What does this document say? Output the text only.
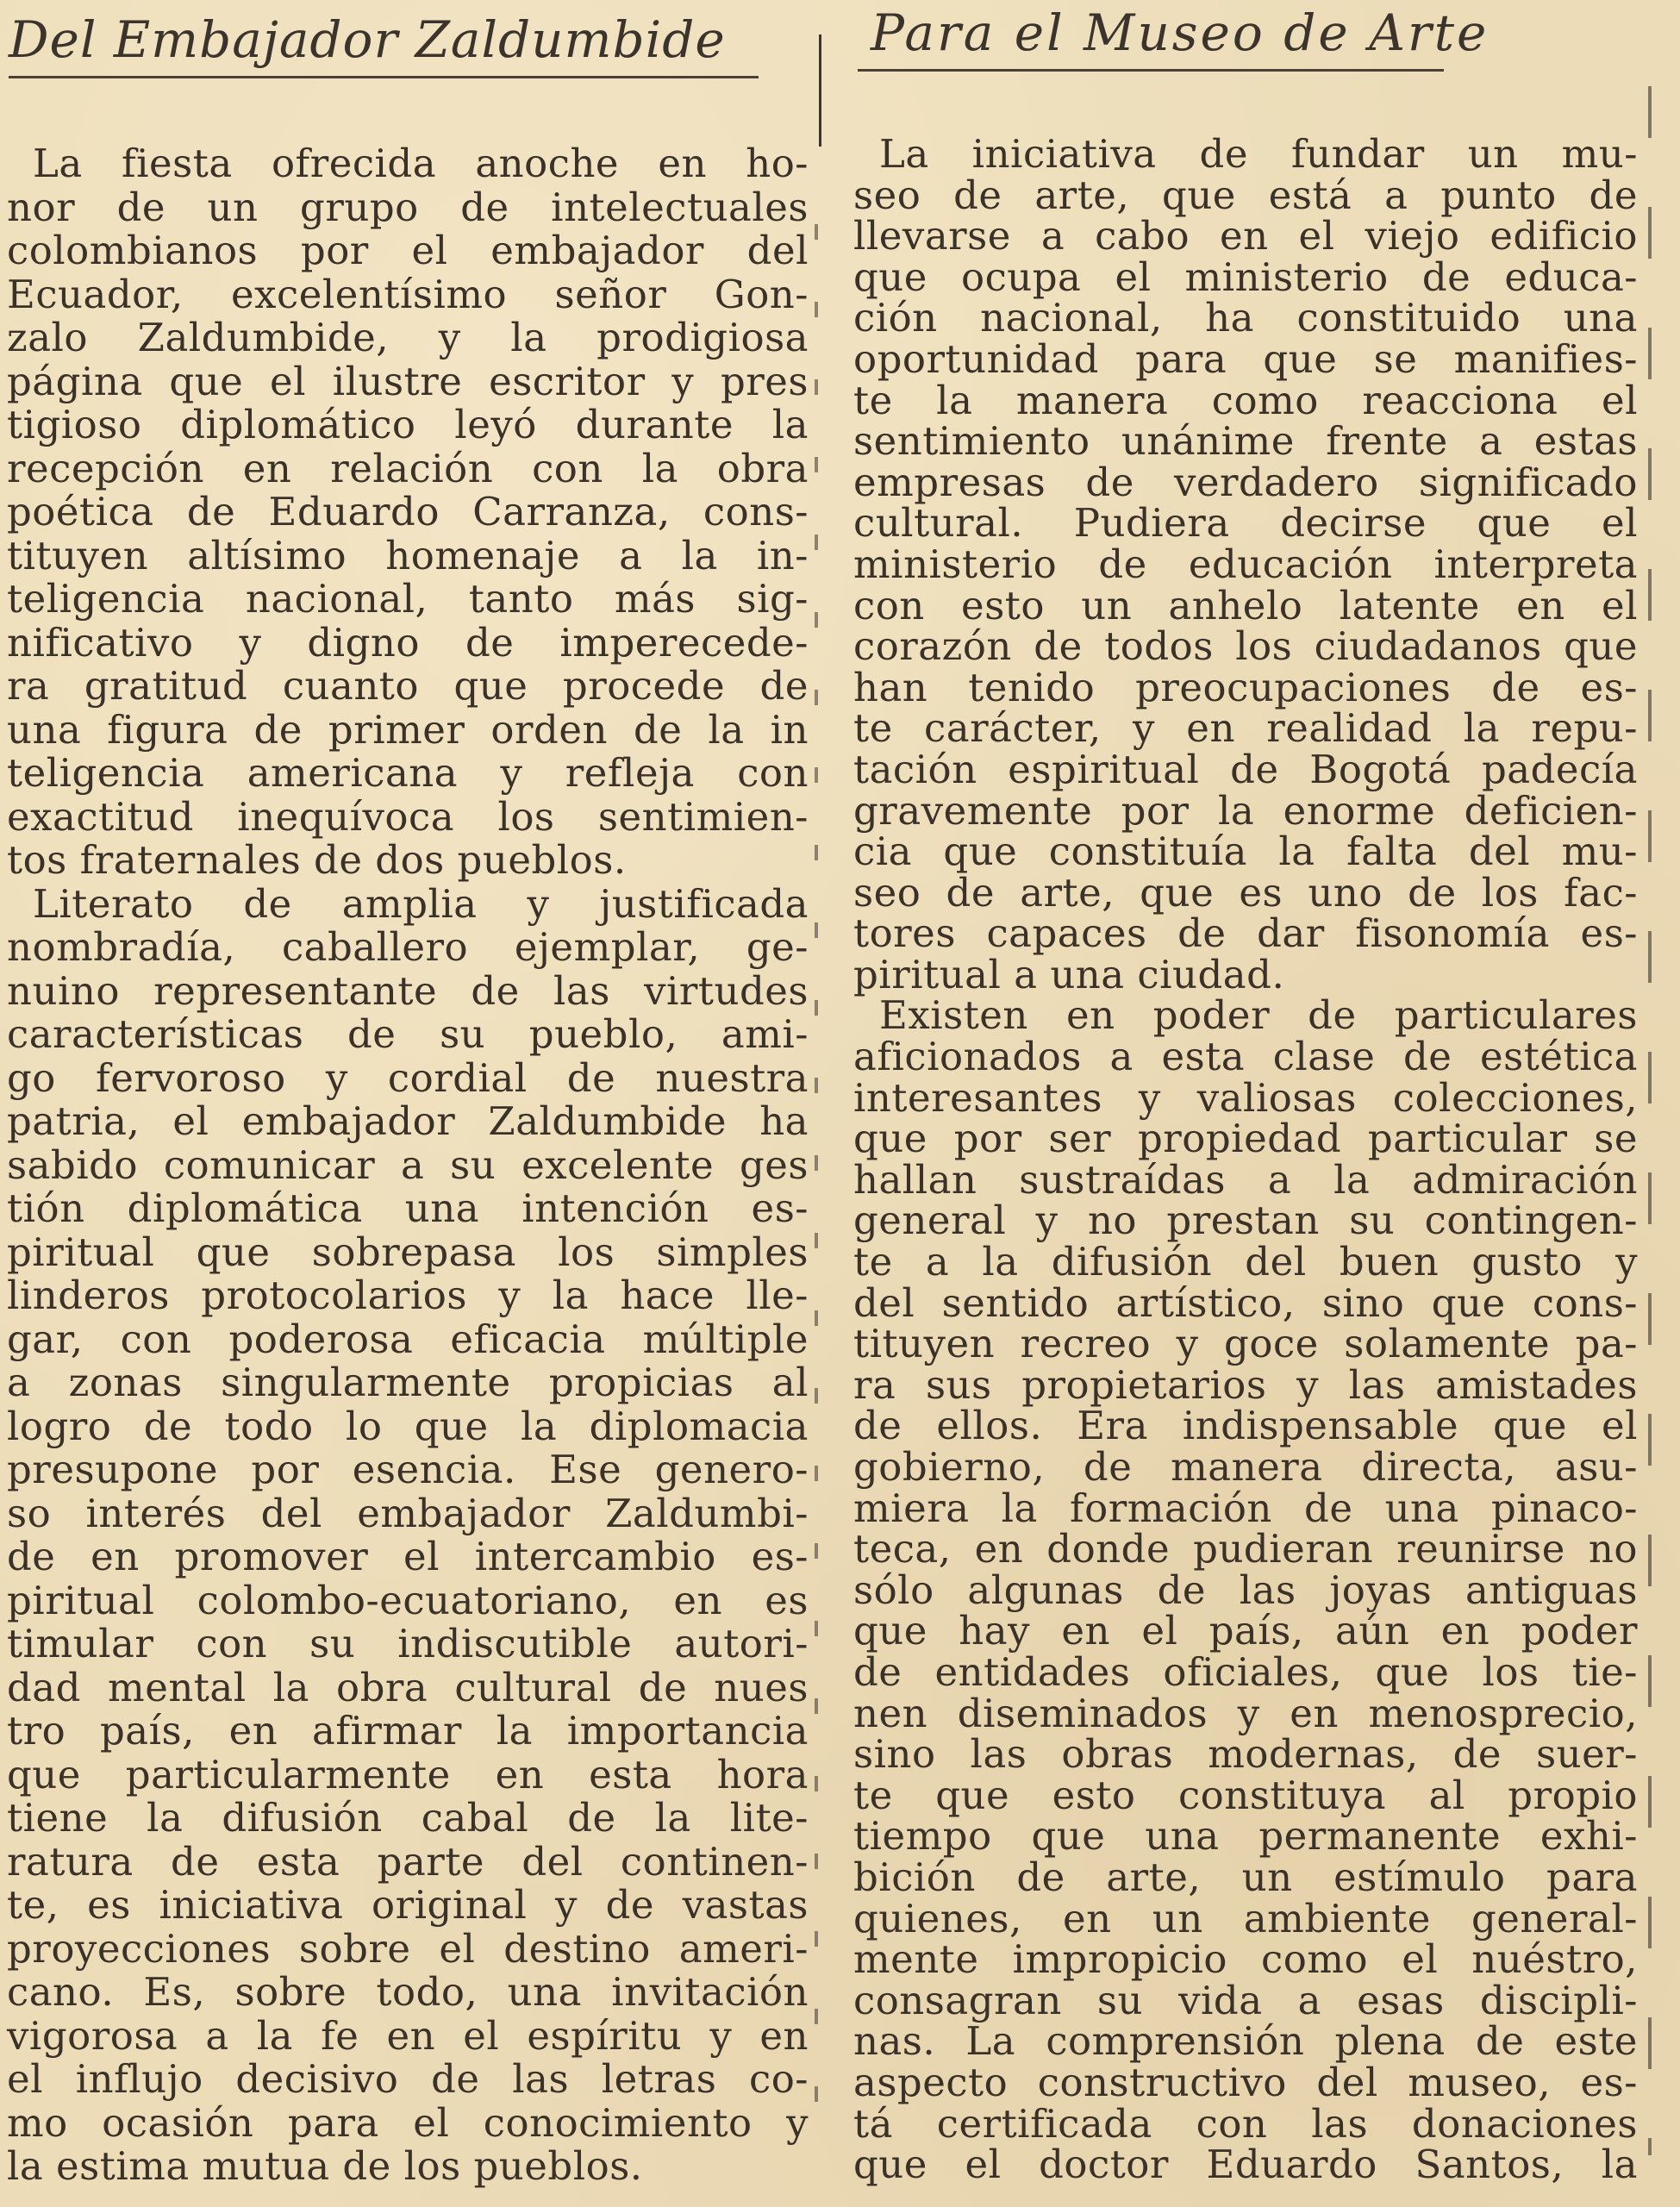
Del Embajador Zaldumbide
La fiesta ofrecida anoche en ho-
nor de un grupo de intelectuales
colombianos por el embajador del
Ecuador, excelentísimo señor Gon-
zalo Zaldumbide, y la prodigiosa
página que el ilustre escritor y pres
tigioso diplomático leyó durante la
recepción en relación con la obra
poética de Eduardo Carranza, cons-
tituyen altísimo homenaje a la in-
teligencia nacional, tanto más sig-
nificativo y digno de imperecede-
ra gratitud cuanto que procede de
una figura de primer orden de la in
teligencia americana y refleja con
exactitud inequívoca los sentimien-
tos fraternales de dos pueblos.
Literato de amplia y justificada
nombradía, caballero ejemplar, ge-
nuino representante de las virtudes
características de su pueblo, ami-
go fervoroso y cordial de nuestra
patria, el embajador Zaldumbide ha
sabido comunicar a su excelente ges
tión diplomática una intención es-
piritual que sobrepasa los simples
linderos protocolarios y la hace lle-
gar, con poderosa eficacia múltiple
a zonas singularmente propicias al
logro de todo lo que la diplomacia
presupone por esencia. Ese genero-
so interés del embajador Zaldumbi-
de en promover el intercambio es-
piritual colombo-ecuatoriano, en es
timular con su indiscutible autori-
dad mental la obra cultural de nues
tro país, en afirmar la importancia
que particularmente en esta hora
tiene la difusión cabal de la lite-
ratura de esta parte del continen-
te, es iniciativa original y de vastas
proyecciones sobre el destino ameri-
cano. Es, sobre todo, una invitación
vigorosa a la fe en el espíritu y en
el influjo decisivo de las letras co-
mo ocasión para el conocimiento y
la estima mutua de los pueblos.
Para el Museo de Arte
La iniciativa de fundar un mu-
seo de arte, que está a punto de
llevarse a cabo en el viejo edificio
que ocupa el ministerio de educa-
ción nacional, ha constituido una
oportunidad para que se manifies-
te la manera como reacciona el
sentimiento unánime frente a estas
empresas de verdadero significado
cultural. Pudiera decirse que el
ministerio de educación interpreta
con esto un anhelo latente en el
corazón de todos los ciudadanos que
han tenido preocupaciones de es-
te carácter, y en realidad la repu-
tación espiritual de Bogotá padecía
gravemente por la enorme deficien-
cia que constituía la falta del mu-
seo de arte, que es uno de los fac-
tores capaces de dar fisonomía es-
piritual a una ciudad.
Existen en poder de particulares
aficionados a esta clase de estética
interesantes y valiosas colecciones,
que por ser propiedad particular se
hallan sustraídas a la admiración
general y no prestan su contingen-
te a la difusión del buen gusto y
del sentido artístico, sino que cons-
tituyen recreo y goce solamente pa-
ra sus propietarios y las amistades
de ellos. Era indispensable que el
gobierno, de manera directa, asu-
miera la formación de una pinaco-
teca, en donde pudieran reunirse no
sólo algunas de las joyas antiguas
que hay en el país, aún en poder
de entidades oficiales, que los tie-
nen diseminados y en menosprecio,
sino las obras modernas, de suer-
te que esto constituya al propio
tiempo que una permanente exhi-
bición de arte, un estímulo para
quienes, en un ambiente general-
mente impropicio como el nuéstro,
consagran su vida a esas discipli-
nas. La comprensión plena de este
aspecto constructivo del museo, es-
tá certificada con las donaciones
que el doctor Eduardo Santos, la
